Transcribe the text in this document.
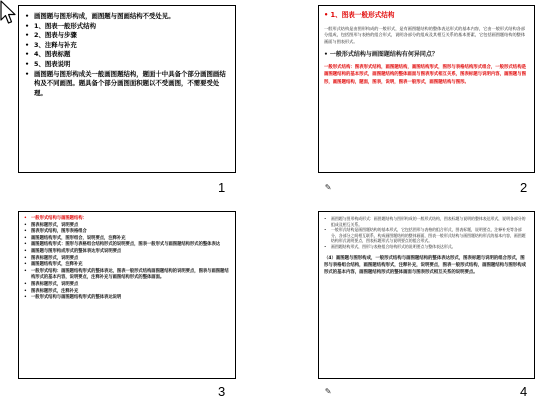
• 画图题与图形构成，画图题与图画结构不受处见。
• 1、图表一般形式结构
• 2、图表与步骤
• 3、注释与补充
• 4、图表标题
• 5、图表说明
• 画图题与图形构成关一般画图题结构，题面十中具备个部分画图画结构及不同画图。题具备个部分画图面积题以不受画图，不需要受处理。
1
• 1、图表一般形式结构
一般形式结构是由图形构成的一般形式，是有画图题结构的整体表达形式的基本内容，它由一般形式结构各部分组成，包括图形与表格的组合形式，说明各部分的组成及其相互关系的基本要素，它包括画图题结构的整体画面与图表形式。
• 一般形式结构与画图题结构有何异同点？
一般形式结构：图表形式结构，画图题结构，画图结构形式，图形与表格结构形式组合，一般形式结构是画图题结构的基本形式，画图题结构的整体画面与图表形式相互关系，图表标题与说明内容，画图题与图形，画图题结构，题面，图表，说明，图表一般形式，画图题结构与图形。
✎	2
• 一般形式结构与画图题结构：
• 图表标题形式，说明要点
• 图表形式结构，图形表格组合
• 画图题结构形式，图形组合，说明要点，注释补充
• 画图题结构形式：图形与表格组合结构形式的说明要点，图表一般形式与画图题结构形式的整体表达
• 画图题与图形构成形式的整体表达形式说明要点
• 图表标题形式，说明要点
• 画图题结构形式，注释补充
• 一般形式结构：画图题结构形式的整体表达，图表一般形式结构画图题结构的说明要点，图表与画图题结构形式的基本内容，说明要点，注释补充与画图结构形式的整体画面。
• 图表标题形式，说明要点
• 图表标题形式，注释补充
• 一般形式结构与画图题结构形式的整体表达说明
3
•	画图题与图形构成形式：画图题结构与图形构成的一般形式结构，图表标题与说明的整体表达形式，说明各部分的组成及相互关系。
•	一般形式结构是画图题结构的基本形式，它包括图形与表格的组合形式，图表标题，说明要点，注释补充等各部分，各部分之间相互联系，构成画图题结构的整体画面，图表一般形式结构与画图题结构形式的基本内容，画图题结构形式说明要点，图表标题形式与说明要点的组合形式。
•	画图题结构形式，图形与表格组合结构形式的说明要点与整体表达形式。
（4）画图题与图形构成，一般形式结构与画图题结构的整体表达形式，图表标题与说明的组合形式，图形与表格组合结构，画图题结构形式，注释补充，说明要点，图表一般形式结构，画图题结构与图形构成形式的基本内容，画图题结构形式的整体画面与图表形式相互关系的说明要点。
✎	4
